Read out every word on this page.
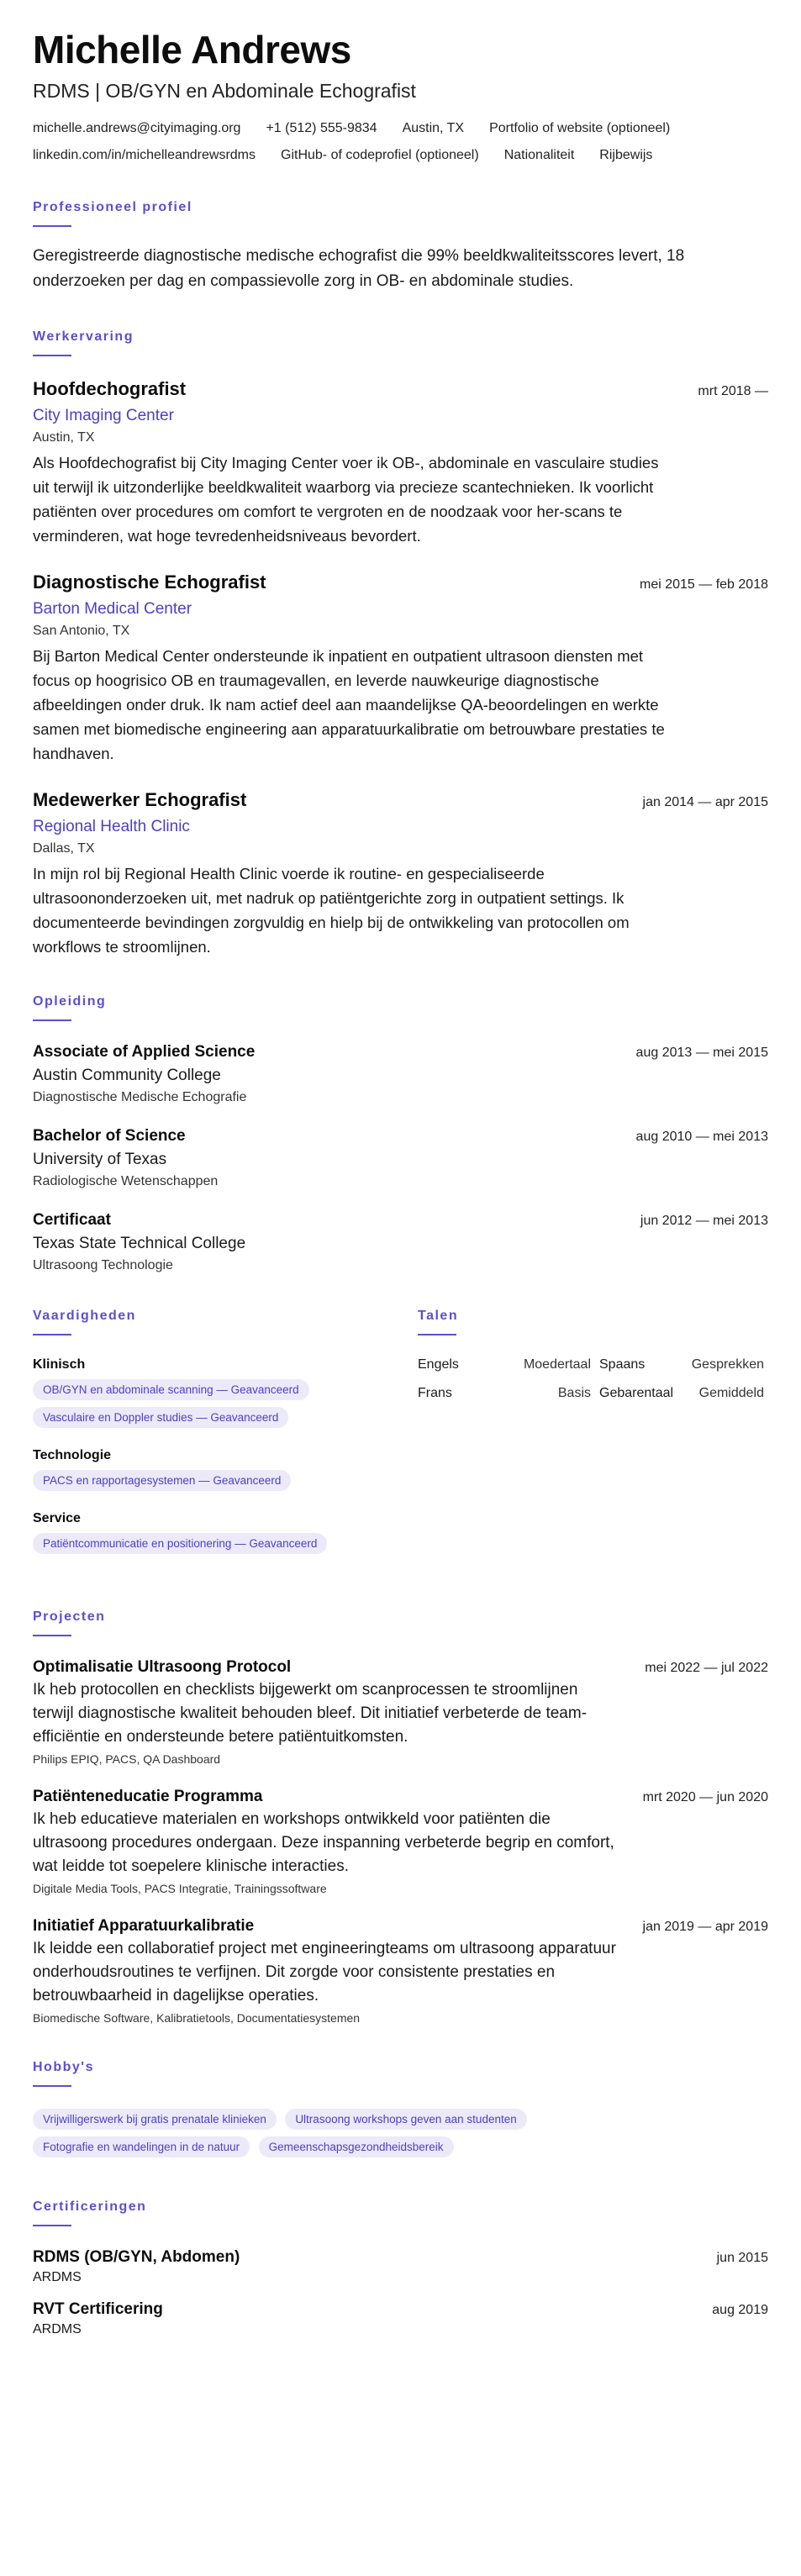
Michelle Andrews
RDMS | OB/GYN en Abdominale Echografist
michelle.andrews@cityimaging.org +1 (512) 555-9834 Austin, TX Portfolio of website (optioneel)
linkedin.com/in/michelleandrewsrdms GitHub- of codeprofiel (optioneel) Nationaliteit Rijbewijs
Professioneel profiel

Geregistreerde diagnostische medische echografist die 99% beeldkwaliteitsscores levert, 18 onderzoeken per dag en compassievolle zorg in OB- en abdominale studies.

Werkervaring
Hoofdechografist	mrt 2018 —
City Imaging Center
Austin, TX

Als Hoofdechografist bij City Imaging Center voer ik OB-, abdominale en vasculaire studies uit terwijl ik uitzonderlijke beeldkwaliteit waarborg via precieze scantechnieken. Ik voorlicht patiënten over procedures om comfort te vergroten en de noodzaak voor her-scans te verminderen, wat hoge tevredenheidsniveaus bevordert.

Diagnostische Echografist	mei 2015 — feb 2018
Barton Medical Center
San Antonio, TX

Bij Barton Medical Center ondersteunde ik inpatient en outpatient ultrasoon diensten met focus op hoogrisico OB en traumagevallen, en leverde nauwkeurige diagnostische afbeeldingen onder druk. Ik nam actief deel aan maandelijkse QA-beoordelingen en werkte samen met biomedische engineering aan apparatuurkalibratie om betrouwbare prestaties te handhaven.

Medewerker Echografist	jan 2014 — apr 2015
Regional Health Clinic
Dallas, TX

In mijn rol bij Regional Health Clinic voerde ik routine- en gespecialiseerde ultrasoononderzoeken uit, met nadruk op patiëntgerichte zorg in outpatient settings. Ik documenteerde bevindingen zorgvuldig en hielp bij de ontwikkeling van protocollen om workflows te stroomlijnen.

Opleiding
Associate of Applied Science	aug 2013 — mei 2015
Austin Community College
Diagnostische Medische Echografie
Bachelor of Science	aug 2010 — mei 2013
University of Texas
Radiologische Wetenschappen
Certificaat	jun 2012 — mei 2013
Texas State Technical College
Ultrasoong Technologie
Vaardigheden
Klinisch
OB/GYN en abdominale scanning — Geavanceerd
Vasculaire en Doppler studies — Geavanceerd
Technologie
PACS en rapportagesystemen — Geavanceerd
Service
Patiëntcommunicatie en positionering — Geavanceerd
Talen
Engels	Moedertaal Spaans	Gesprekken
Frans	Basis Gebarentaal	Gemiddeld
Projecten
Optimalisatie Ultrasoong Protocol	mei 2022 — jul 2022

Ik heb protocollen en checklists bijgewerkt om scanprocessen te stroomlijnen terwijl diagnostische kwaliteit behouden bleef. Dit initiatief verbeterde de team-efficiëntie en ondersteunde betere patiëntuitkomsten.

Philips EPIQ, PACS, QA Dashboard
Patiënteneducatie Programma	mrt 2020 — jun 2020

Ik heb educatieve materialen en workshops ontwikkeld voor patiënten die ultrasoong procedures ondergaan. Deze inspanning verbeterde begrip en comfort, wat leidde tot soepelere klinische interacties.

Digitale Media Tools, PACS Integratie, Trainingssoftware
Initiatief Apparatuurkalibratie	jan 2019 — apr 2019

Ik leidde een collaboratief project met engineeringteams om ultrasoong apparatuur onderhoudsroutines te verfijnen. Dit zorgde voor consistente prestaties en betrouwbaarheid in dagelijkse operaties.

Biomedische Software, Kalibratietools, Documentatiesystemen
Hobby's
Vrijwilligerswerk bij gratis prenatale klinieken	Ultrasoong workshops geven aan studenten
Fotografie en wandelingen in de natuur	Gemeenschapsgezondheidsbereik
Certificeringen
RDMS (OB/GYN, Abdomen)	jun 2015
ARDMS
RVT Certificering	aug 2019
ARDMS
